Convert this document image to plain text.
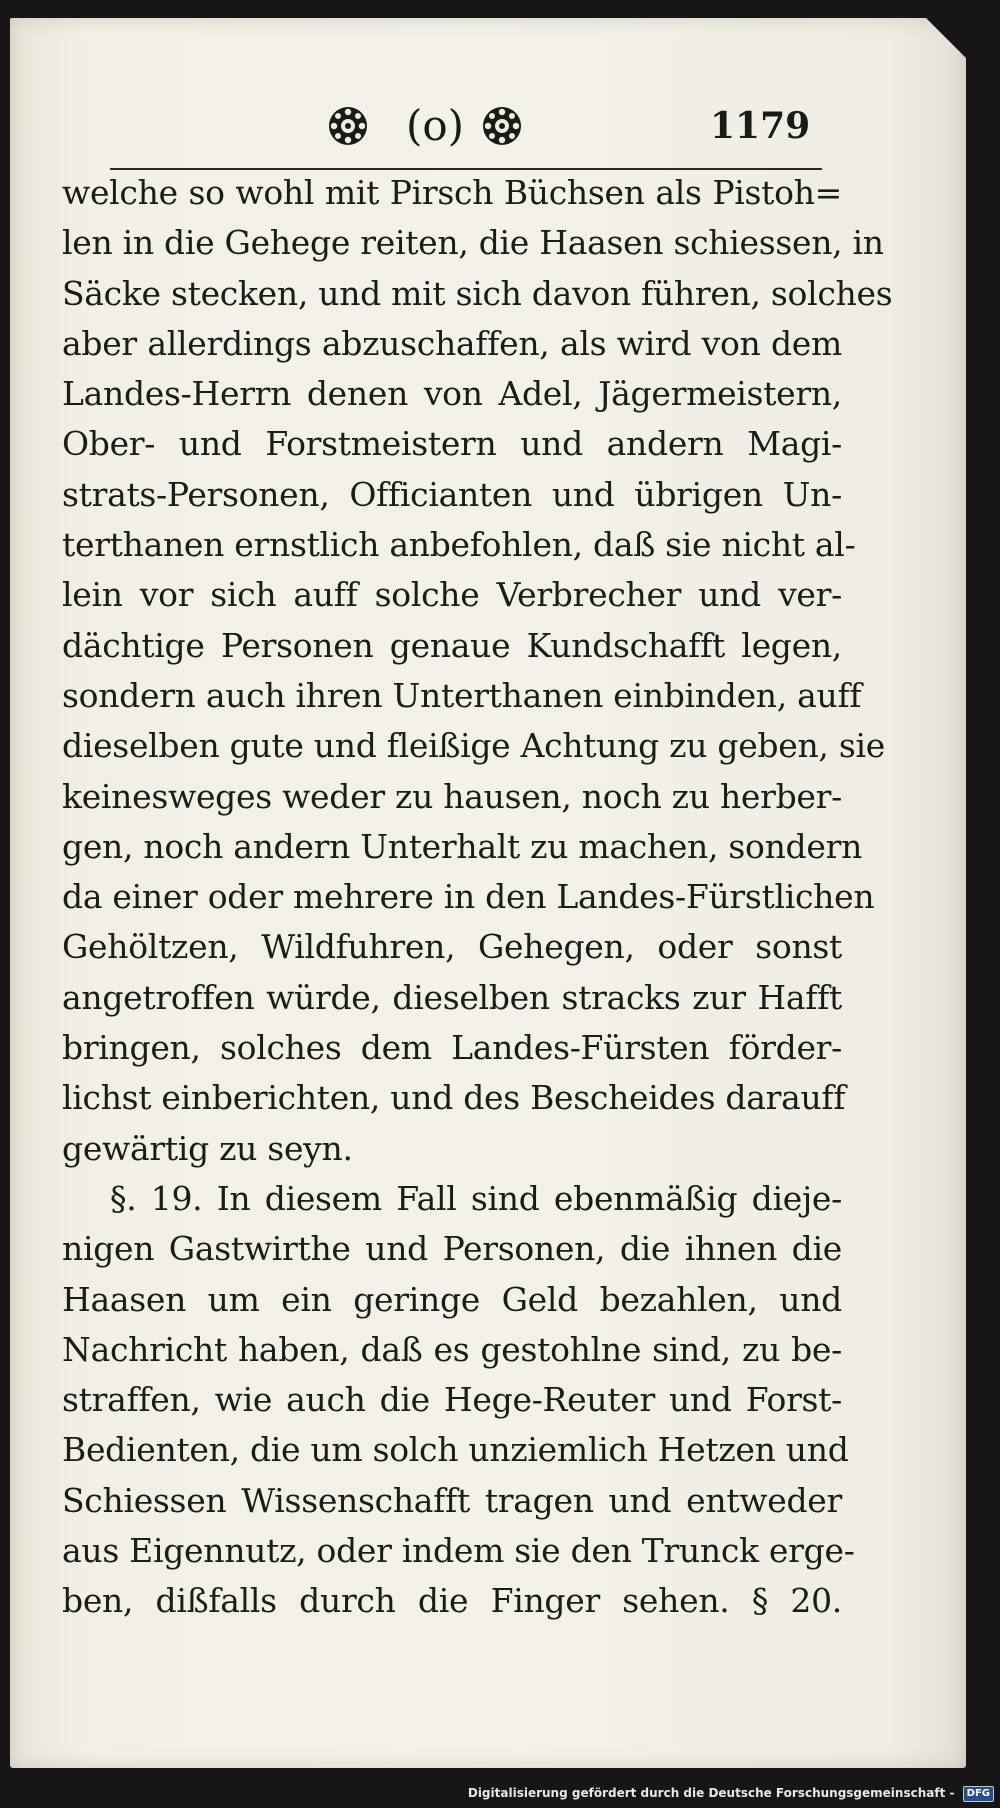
(o)	1179
welche so wohl mit Pirsch Büchsen als Pistoh=
len in die Gehege reiten, die Haasen schiessen, in
Säcke stecken, und mit sich davon führen, solches
aber allerdings abzuschaffen, als wird von dem
Landes-Herrn denen von Adel, Jägermeistern,
Ober- und Forstmeistern und andern Magi-
strats-Personen, Officianten und übrigen Un-
terthanen ernstlich anbefohlen, daß sie nicht al-
lein vor sich auff solche Verbrecher und ver-
dächtige Personen genaue Kundschafft legen,
sondern auch ihren Unterthanen einbinden, auff
dieselben gute und fleißige Achtung zu geben, sie
keinesweges weder zu hausen, noch zu herber-
gen, noch andern Unterhalt zu machen, sondern
da einer oder mehrere in den Landes-Fürstlichen
Gehöltzen, Wildfuhren, Gehegen, oder sonst
angetroffen würde, dieselben stracks zur Hafft
bringen, solches dem Landes-Fürsten förder-
lichst einberichten, und des Bescheides darauff
gewärtig zu seyn.
§. 19. In diesem Fall sind ebenmäßig dieje-
nigen Gastwirthe und Personen, die ihnen die
Haasen um ein geringe Geld bezahlen, und
Nachricht haben, daß es gestohlne sind, zu be-
straffen, wie auch die Hege-Reuter und Forst-
Bedienten, die um solch unziemlich Hetzen und
Schiessen Wissenschafft tragen und entweder
aus Eigennutz, oder indem sie den Trunck erge-
ben, dißfalls durch die Finger sehen. § 20.
Digitalisierung gefördert durch die Deutsche Forschungsgemeinschaft - DFG
